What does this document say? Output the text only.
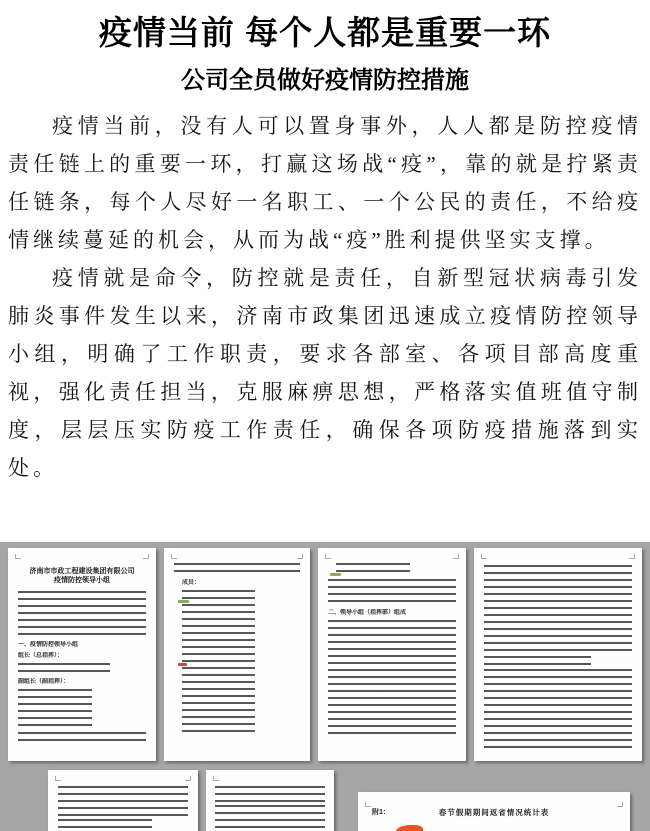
疫情当前 每个人都是重要一环
公司全员做好疫情防控措施

疫情当前，没有人可以置身事外，人人都是防控疫情责任链上的重要一环，打赢这场战“疫”，靠的就是拧紧责任链条，每个人尽好一名职工、一个公民的责任，不给疫情继续蔓延的机会，从而为战“疫”胜利提供坚实支撑。

疫情就是命令，防控就是责任，自新型冠状病毒引发肺炎事件发生以来，济南市政集团迅速成立疫情防控领导小组，明确了工作职责，要求各部室、各项目部高度重视，强化责任担当，克服麻痹思想，严格落实值班值守制度，层层压实防疫工作责任，确保各项防疫措施落到实处。

济南市市政工程建设集团有限公司
疫情防控领导小组
一、疫情防控领导小组
组长（总指挥）：
副组长（副指挥）：
成员：
二、领导小组（指挥部）组成
附1：	春节假期期间返省情况统计表
